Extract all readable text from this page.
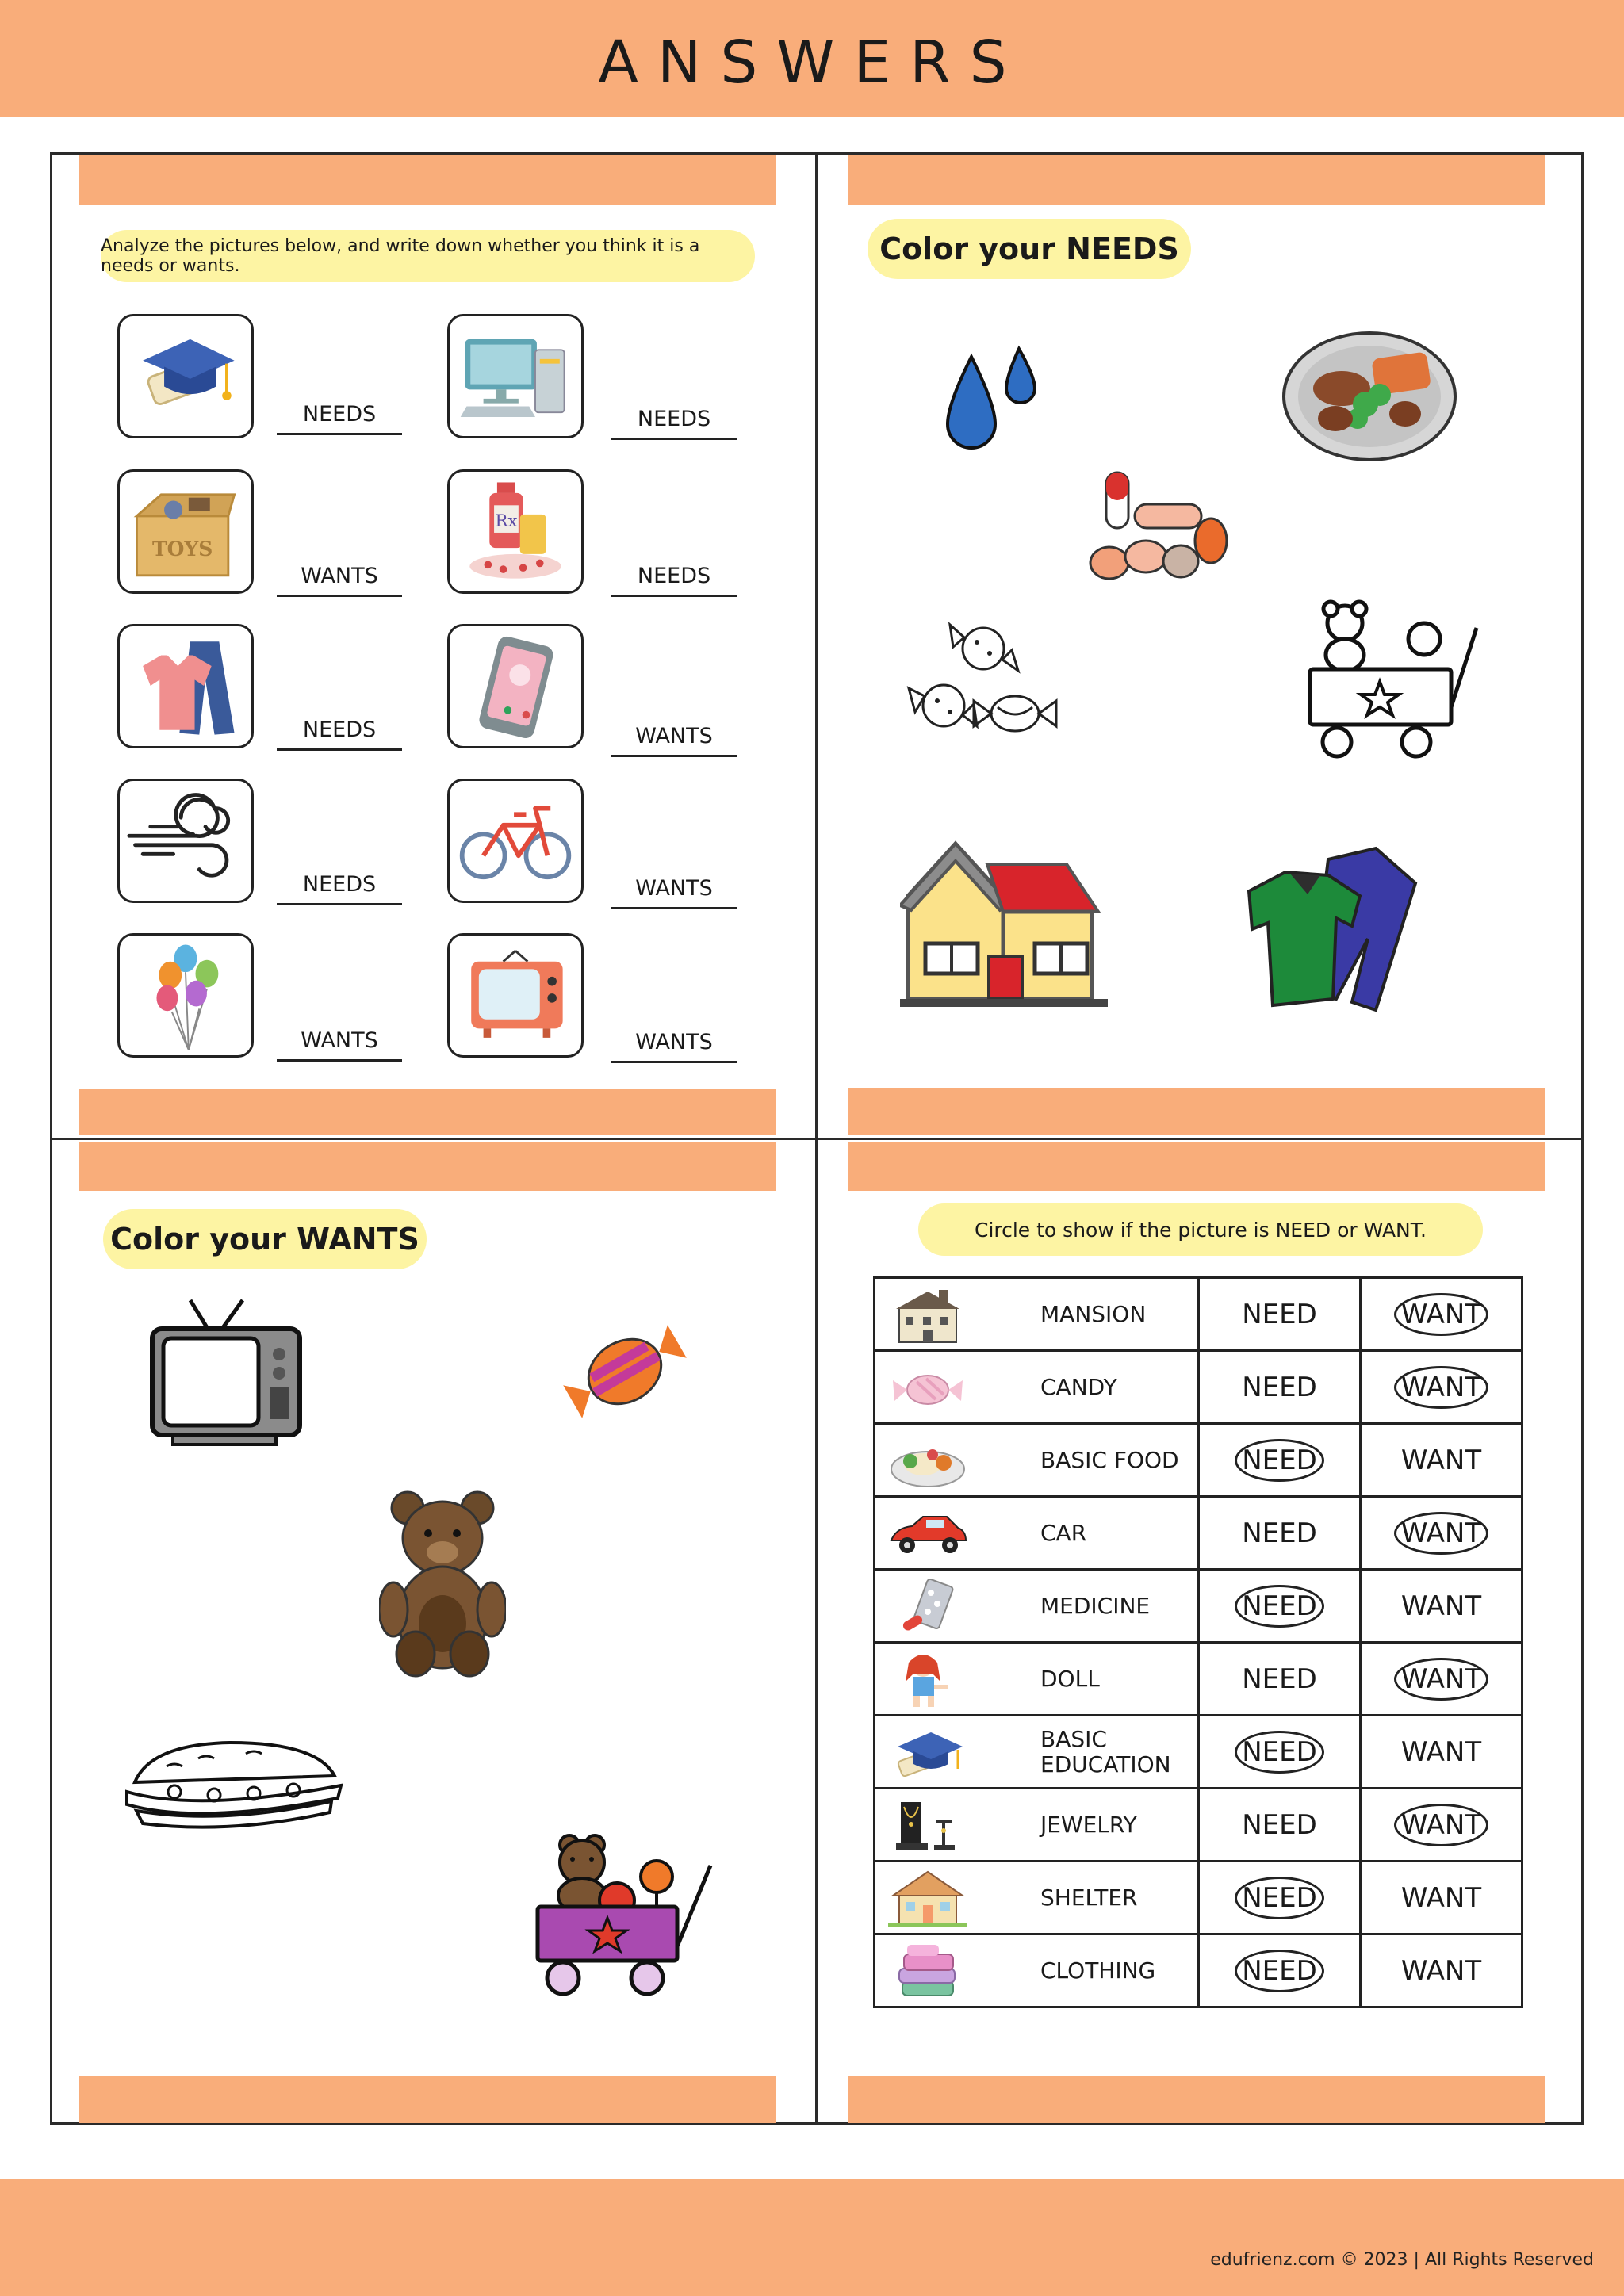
ANSWERS
edufrienz.com © 2023 | All Rights Reserved
Analyze the pictures below, and write down whether you think it is a needs or wants.
NEEDS	NEEDS
TOYS
WANTS
Rx
NEEDS
NEEDS	WANTS
NEEDS	WANTS
WANTS	WANTS
Color your NEEDS
Color your WANTS	Circle to show if the picture is NEED or WANT.
MANSION	NEED	WANT

CANDY	NEED	WANT

BASIC FOOD	NEED	WANT

CAR	NEED	WANT

MEDICINE	NEED	WANT

DOLL	NEED	WANT

BASIC EDUCATION	NEED	WANT

JEWELRY	NEED	WANT

SHELTER	NEED	WANT

CLOTHING	NEED	WANT
